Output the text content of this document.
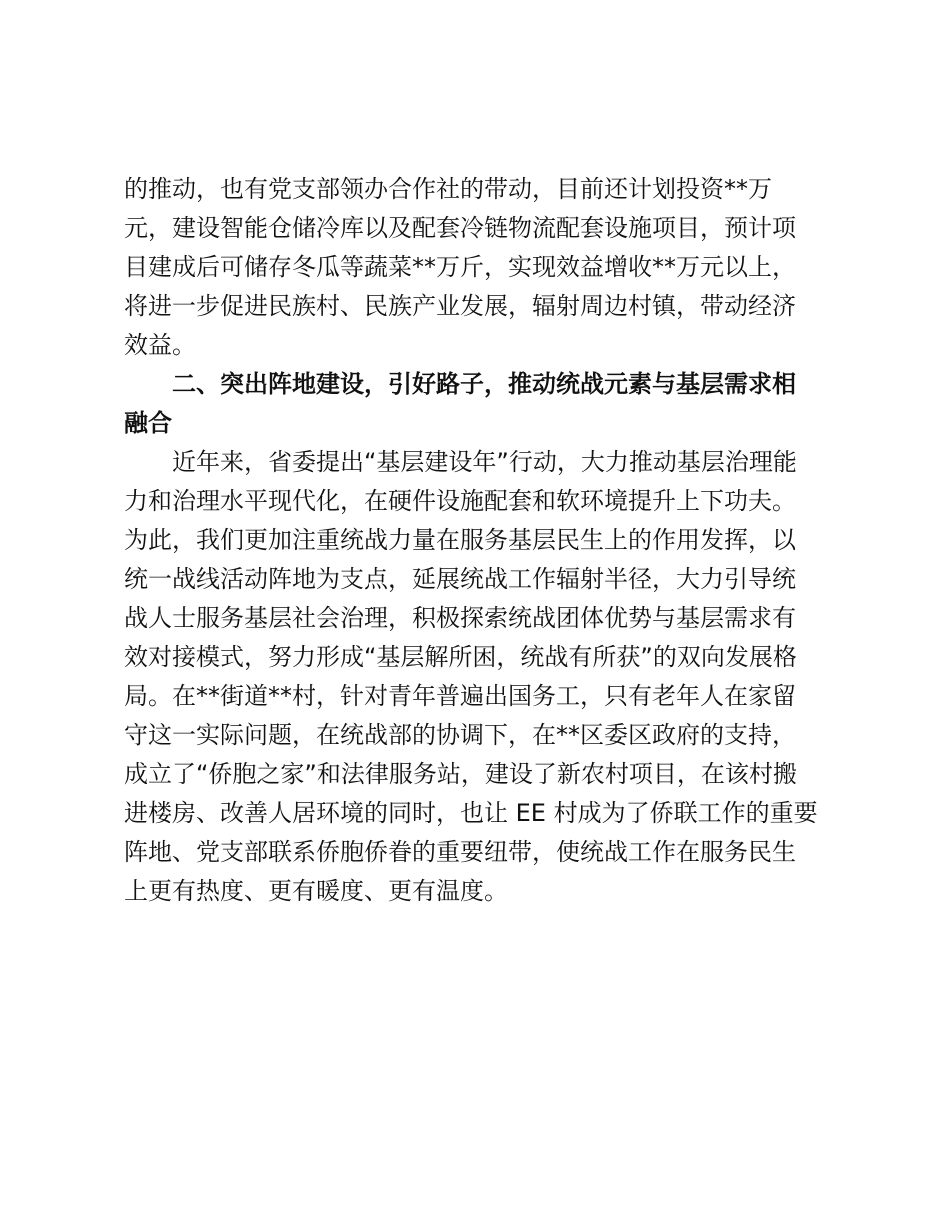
的推动，也有党支部领办合作社的带动，目前还计划投资**万
元，建设智能仓储冷库以及配套冷链物流配套设施项目，预计项
目建成后可储存冬瓜等蔬菜**万斤，实现效益增收**万元以上，
将进一步促进民族村、民族产业发展，辐射周边村镇，带动经济
效益。
　　二、突出阵地建设，引好路子，推动统战元素与基层需求相
融合
　　近年来，省委提出“基层建设年”行动，大力推动基层治理能
力和治理水平现代化，在硬件设施配套和软环境提升上下功夫。
为此，我们更加注重统战力量在服务基层民生上的作用发挥，以
统一战线活动阵地为支点，延展统战工作辐射半径，大力引导统
战人士服务基层社会治理，积极探索统战团体优势与基层需求有
效对接模式，努力形成“基层解所困，统战有所获”的双向发展格
局。在**街道**村，针对青年普遍出国务工，只有老年人在家留
守这一实际问题，在统战部的协调下，在**区委区政府的支持，
成立了“侨胞之家”和法律服务站，建设了新农村项目，在该村搬
进楼房、改善人居环境的同时，也让 EE 村成为了侨联工作的重要
阵地、党支部联系侨胞侨眷的重要纽带，使统战工作在服务民生
上更有热度、更有暖度、更有温度。
